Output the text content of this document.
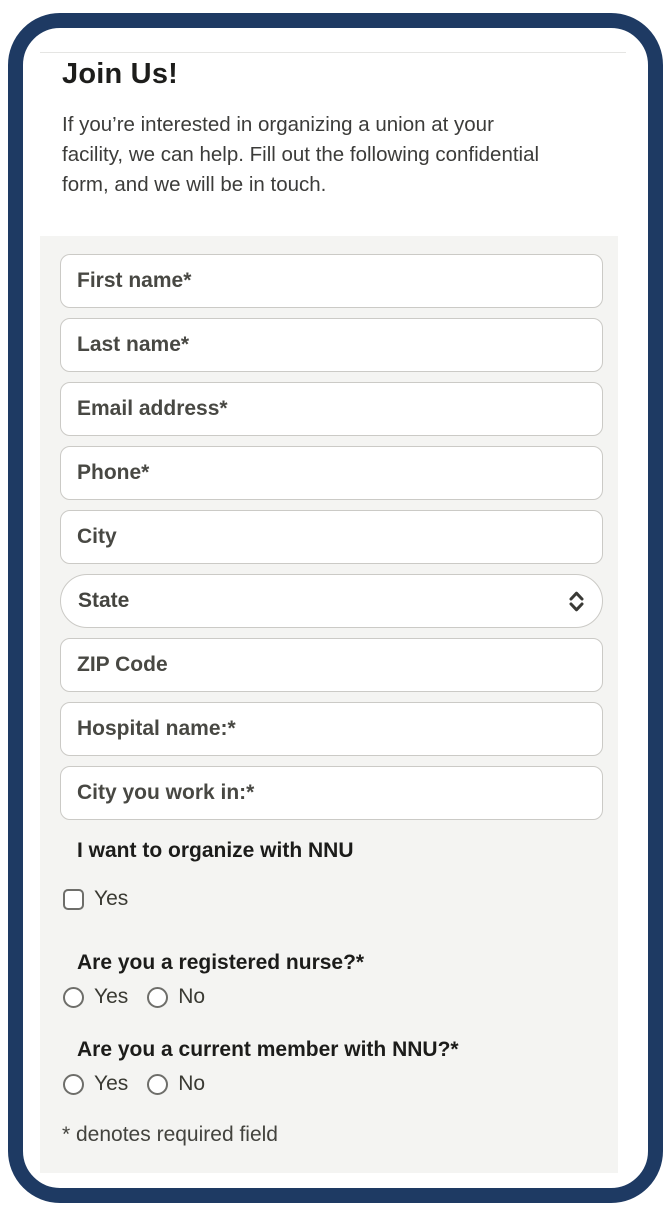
Join Us!
If you’re interested in organizing a union at your
facility, we can help. Fill out the following confidential
form, and we will be in touch.
First name*
Last name*
Email address*
Phone*
City
State
ZIP Code
Hospital name:*
City you work in:*
I want to organize with NNU
Yes
Are you a registered nurse?*
Yes No
Are you a current member with NNU?*
Yes No
* denotes required field
